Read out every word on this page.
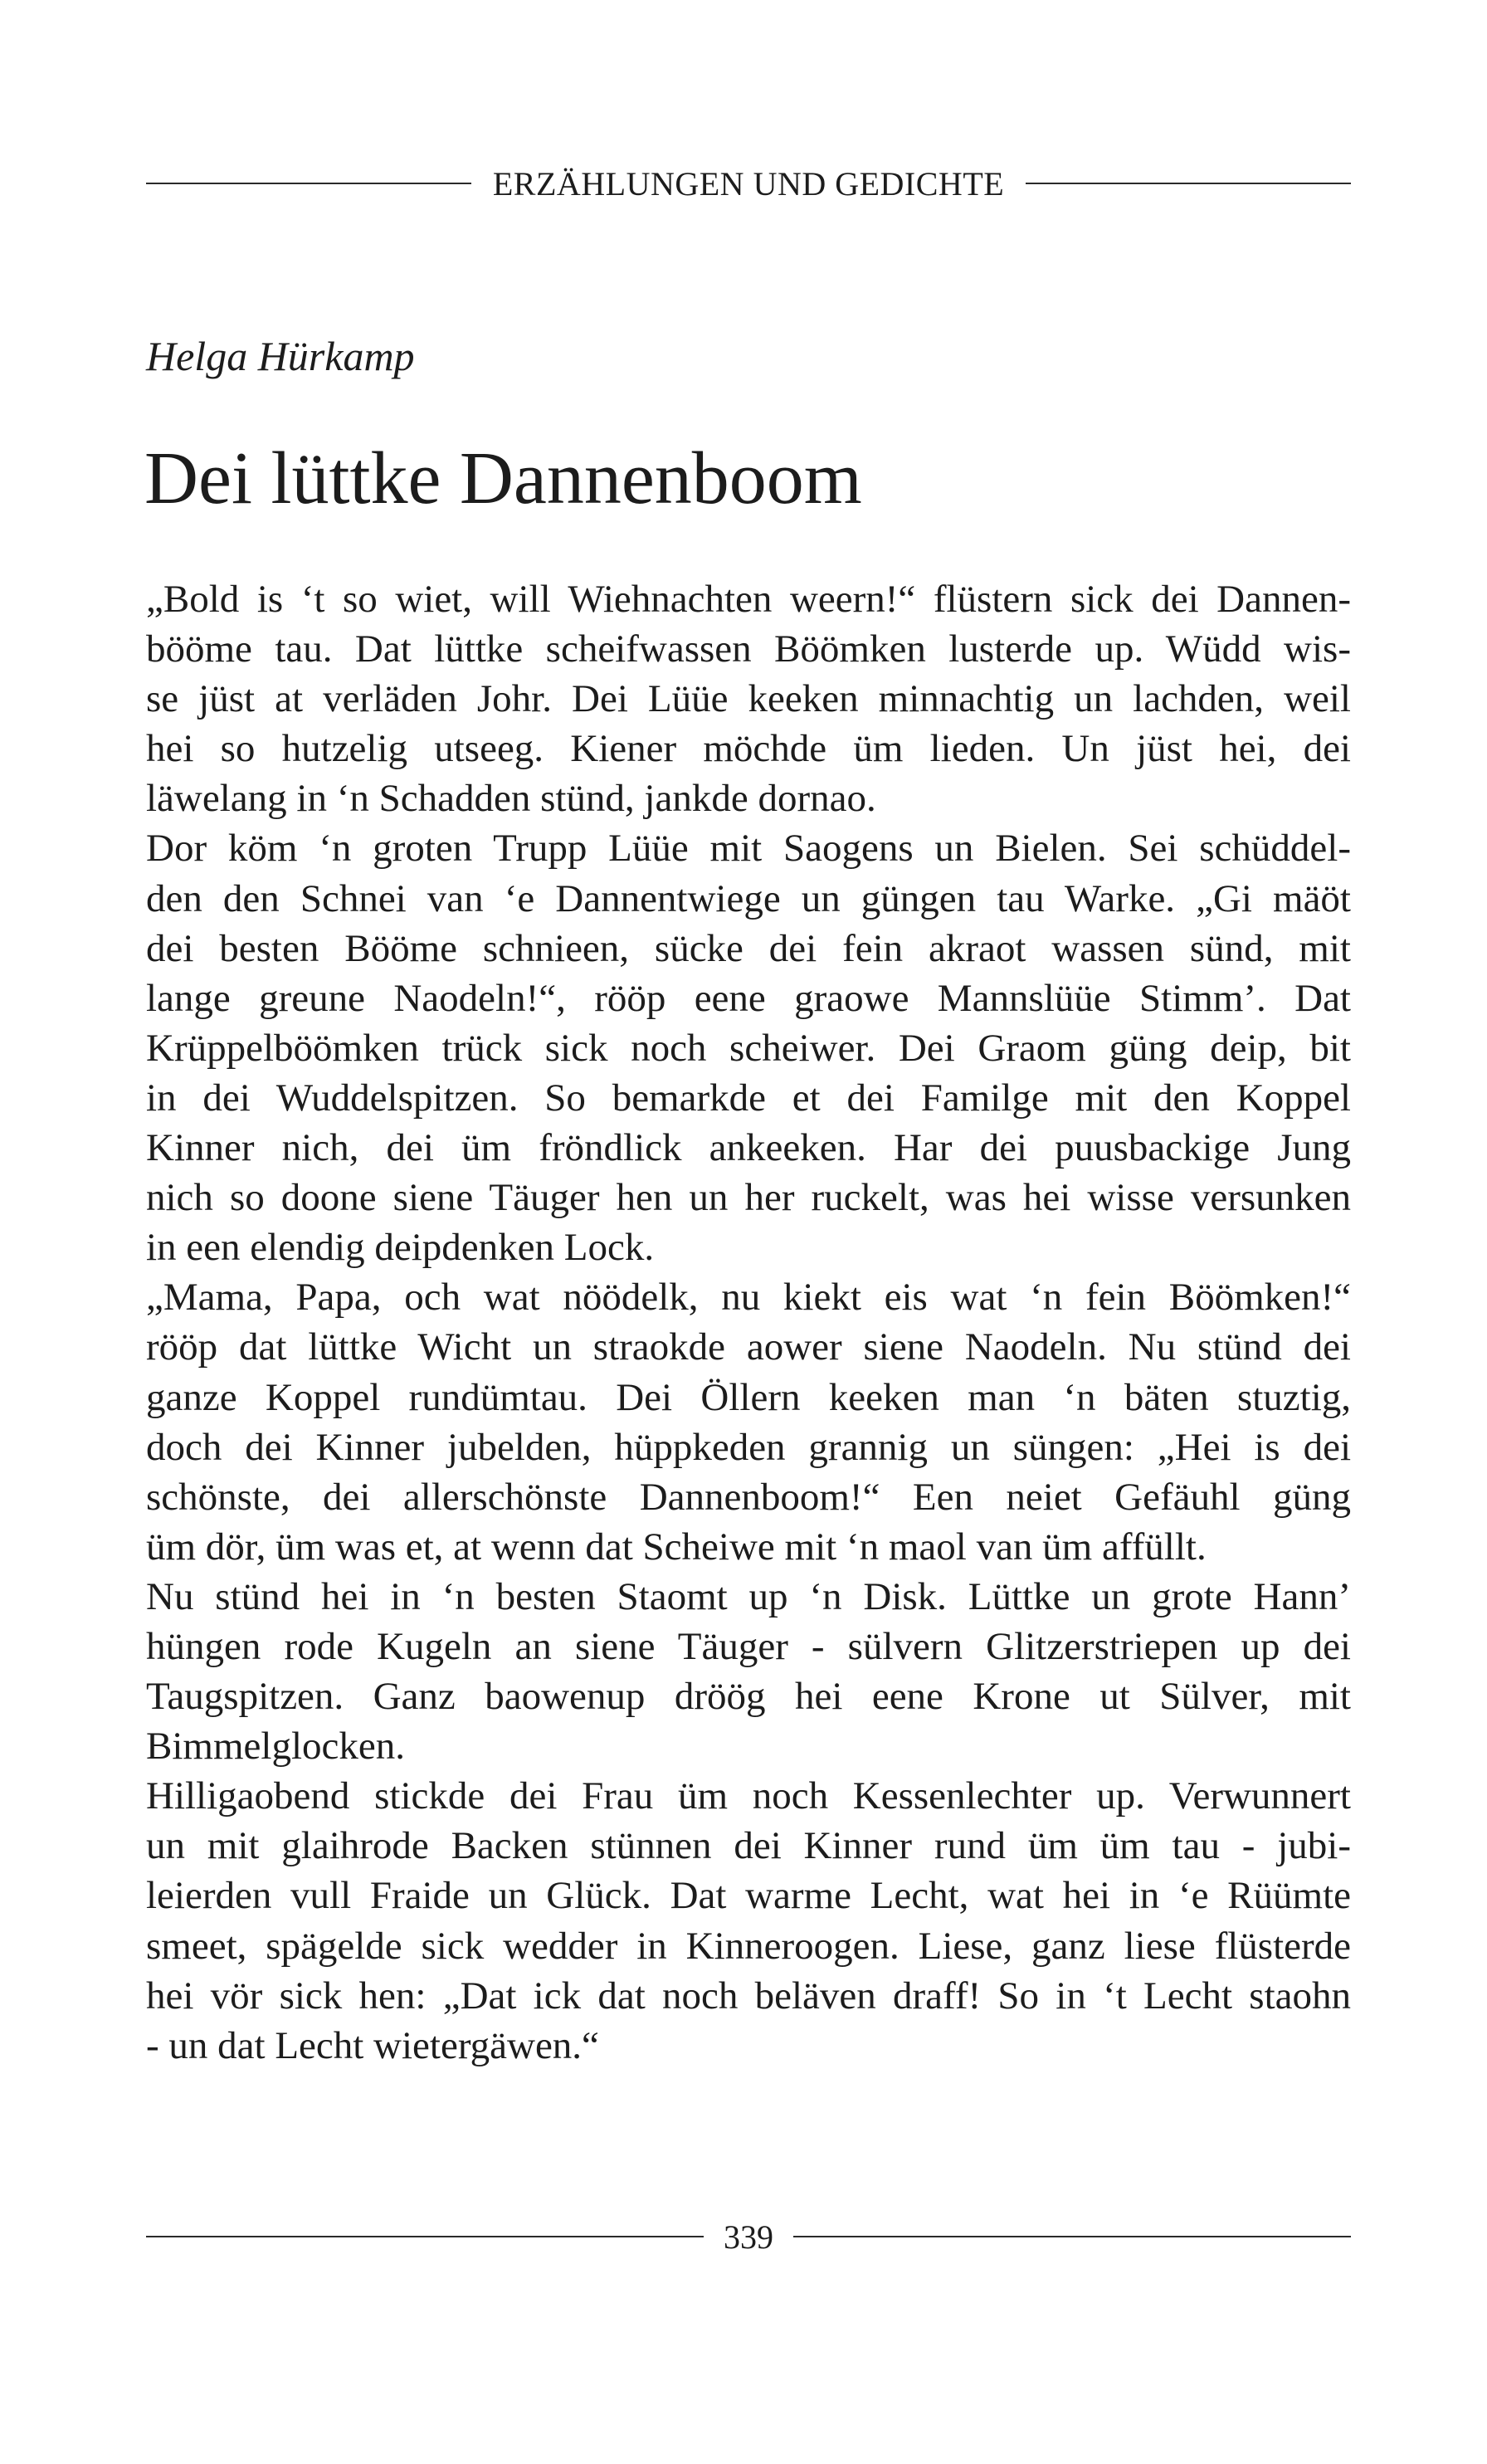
ERZÄHLUNGEN UND GEDICHTE
Helga Hürkamp
Dei lüttke Dannenboom
„Bold is ‘t so wiet, will Wiehnachten weern!“ flüstern sick dei Dannen-
bööme tau. Dat lüttke scheifwassen Böömken lusterde up. Wüdd wis-
se jüst at verläden Johr. Dei Lüüe keeken minnachtig un lachden, weil
hei so hutzelig utseeg. Kiener möchde üm lieden. Un jüst hei, dei
läwelang in ‘n Schadden stünd, jankde dornao.
Dor köm ‘n groten Trupp Lüüe mit Saogens un Bielen. Sei schüddel-
den den Schnei van ‘e Dannentwiege un güngen tau Warke. „Gi mäöt
dei besten Bööme schnieen, sücke dei fein akraot wassen sünd, mit
lange greune Naodeln!“, rööp eene graowe Mannslüüe Stimm’. Dat
Krüppelböömken trück sick noch scheiwer. Dei Graom güng deip, bit
in dei Wuddelspitzen. So bemarkde et dei Familge mit den Koppel
Kinner nich, dei üm fröndlick ankeeken. Har dei puusbackige Jung
nich so doone siene Täuger hen un her ruckelt, was hei wisse versunken
in een elendig deipdenken Lock.
„Mama, Papa, och wat nöödelk, nu kiekt eis wat ‘n fein Böömken!“
rööp dat lüttke Wicht un straokde aower siene Naodeln. Nu stünd dei
ganze Koppel rundümtau. Dei Öllern keeken man ‘n bäten stuztig,
doch dei Kinner jubelden, hüppkeden grannig un süngen: „Hei is dei
schönste, dei allerschönste Dannenboom!“ Een neiet Gefäuhl güng
üm dör, üm was et, at wenn dat Scheiwe mit ‘n maol van üm affüllt.
Nu stünd hei in ‘n besten Staomt up ‘n Disk. Lüttke un grote Hann’
hüngen rode Kugeln an siene Täuger - sülvern Glitzerstriepen up dei
Taugspitzen. Ganz baowenup dröög hei eene Krone ut Sülver, mit
Bimmelglocken.
Hilligaobend stickde dei Frau üm noch Kessenlechter up. Verwunnert
un mit glaihrode Backen stünnen dei Kinner rund üm üm tau - jubi-
leierden vull Fraide un Glück. Dat warme Lecht, wat hei in ‘e Rüümte
smeet, spägelde sick wedder in Kinneroogen. Liese, ganz liese flüsterde
hei vör sick hen: „Dat ick dat noch beläven draff! So in ‘t Lecht staohn
- un dat Lecht wietergäwen.“
339
